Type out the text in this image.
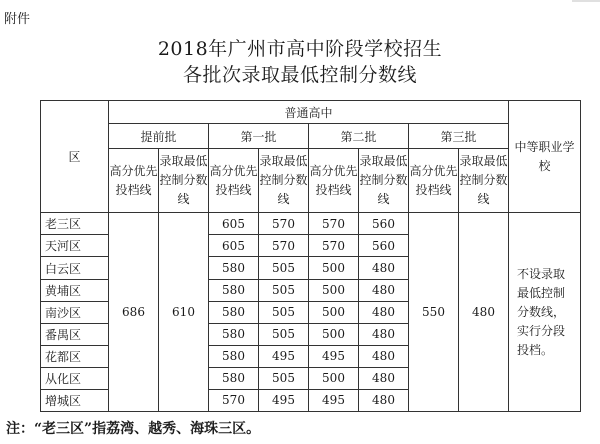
附件
2018年广州市高中阶段学校招生
各批次录取最低控制分数线
区	普通高中								中等职业学校
	提前批		第一批		第二批		第三批		
	高分优先投档线	录取最低控制分数线	高分优先投档线	录取最低控制分数线	高分优先投档线	录取最低控制分数线	高分优先投档线	录取最低控制分数线	
老三区	686	610	605	570	570	560	550	480	不设录取最低控制分数线，实行分段投档。
天河区			605	570	570	560			
白云区			580	505	500	480			
黄埔区			580	505	500	480			
南沙区			580	505	500	480			
番禺区			580	505	500	480			
花都区			580	495	495	480			
从化区			580	505	500	480			
增城区			570	495	495	480			
注：“老三区”指荔湾、越秀、海珠三区。
